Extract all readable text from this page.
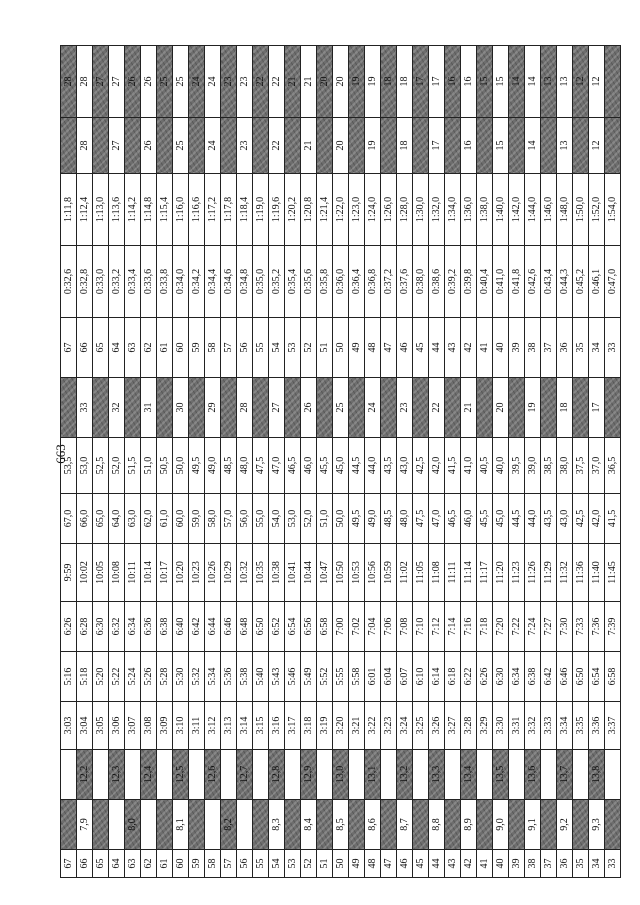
663
67			3:03	5:16	6:26	9:59	67,0	53,5		67	0:32,6	1:11,8		28
66	7,9	12,2	3:04	5:18	6:28	10:02	66,0	53,0	33	66	0:32,8	1:12,4	28	28
65			3:05	5:20	6:30	10:05	65,0	52,5		65	0:33,0	1:13,0		27
64		12,3	3:06	5:22	6:32	10:08	64,0	52,0	32	64	0:33,2	1:13,6	27	27
63	8,0		3:07	5:24	6:34	10:11	63,0	51,5		63	0:33,4	1:14,2		26
62		12,4	3:08	5:26	6:36	10:14	62,0	51,0	31	62	0:33,6	1:14,8	26	26
61			3:09	5:28	6:38	10:17	61,0	50,5		61	0:33,8	1:15,4		25
60	8,1	12,5	3:10	5:30	6:40	10:20	60,0	50,0	30	60	0:34,0	1:16,0	25	25
59			3:11	5:32	6:42	10:23	59,0	49,5		59	0:34,2	1:16,6		24
58		12,6	3:12	5:34	6:44	10:26	58,0	49,0	29	58	0:34,4	1:17,2	24	24
57	8,2		3:13	5:36	6:46	10:29	57,0	48,5		57	0:34,6	1:17,8		23
56		12,7	3:14	5:38	6:48	10:32	56,0	48,0	28	56	0:34,8	1:18,4	23	23
55			3:15	5:40	6:50	10:35	55,0	47,5		55	0:35,0	1:19,0		22
54	8,3	12,8	3:16	5:43	6:52	10:38	54,0	47,0	27	54	0:35,2	1:19,6	22	22
53			3:17	5:46	6:54	10:41	53,0	46,5		53	0:35,4	1:20,2		21
52	8,4	12,9	3:18	5:49	6:56	10:44	52,0	46,0	26	52	0:35,6	1:20,8	21	21
51			3:19	5:52	6:58	10:47	51,0	45,5		51	0:35,8	1:21,4		20
50	8,5	13,0	3:20	5:55	7:00	10:50	50,0	45,0	25	50	0:36,0	1:22,0	20	20
49			3:21	5:58	7:02	10:53	49,5	44,5		49	0:36,4	1:23,0		19
48	8,6	13,1	3:22	6:01	7:04	10:56	49,0	44,0	24	48	0:36,8	1:24,0	19	19
47			3:23	6:04	7:06	10:59	48,5	43,5		47	0:37,2	1:26,0		18
46	8,7	13,2	3:24	6:07	7:08	11:02	48,0	43,0	23	46	0:37,6	1:28,0	18	18
45			3:25	6:10	7:10	11:05	47,5	42,5		45	0:38,0	1:30,0		17
44	8,8	13,3	3:26	6:14	7:12	11:08	47,0	42,0	22	44	0:38,6	1:32,0	17	17
43			3:27	6:18	7:14	11:11	46,5	41,5		43	0:39,2	1:34,0		16
42	8,9	13,4	3:28	6:22	7:16	11:14	46,0	41,0	21	42	0:39,8	1:36,0	16	16
41			3:29	6:26	7:18	11:17	45,5	40,5		41	0:40,4	1:38,0		15
40	9,0	13,5	3:30	6:30	7:20	11:20	45,0	40,0	20	40	0:41,0	1:40,0	15	15
39			3:31	6:34	7:22	11:23	44,5	39,5		39	0:41,8	1:42,0		14
38	9,1	13,6	3:32	6:38	7:24	11:26	44,0	39,0	19	38	0:42,6	1:44,0	14	14
37			3:33	6:42	7:27	11:29	43,5	38,5		37	0:43,4	1:46,0		13
36	9,2	13,7	3:34	6:46	7:30	11:32	43,0	38,0	18	36	0:44,3	1:48,0	13	13
35			3:35	6:50	7:33	11:36	42,5	37,5		35	0:45,2	1:50,0		12
34	9,3	13,8	3:36	6:54	7:36	11:40	42,0	37,0	17	34	0:46,1	1:52,0	12	12
33			3:37	6:58	7:39	11:45	41,5	36,5		33	0:47,0	1:54,0		
